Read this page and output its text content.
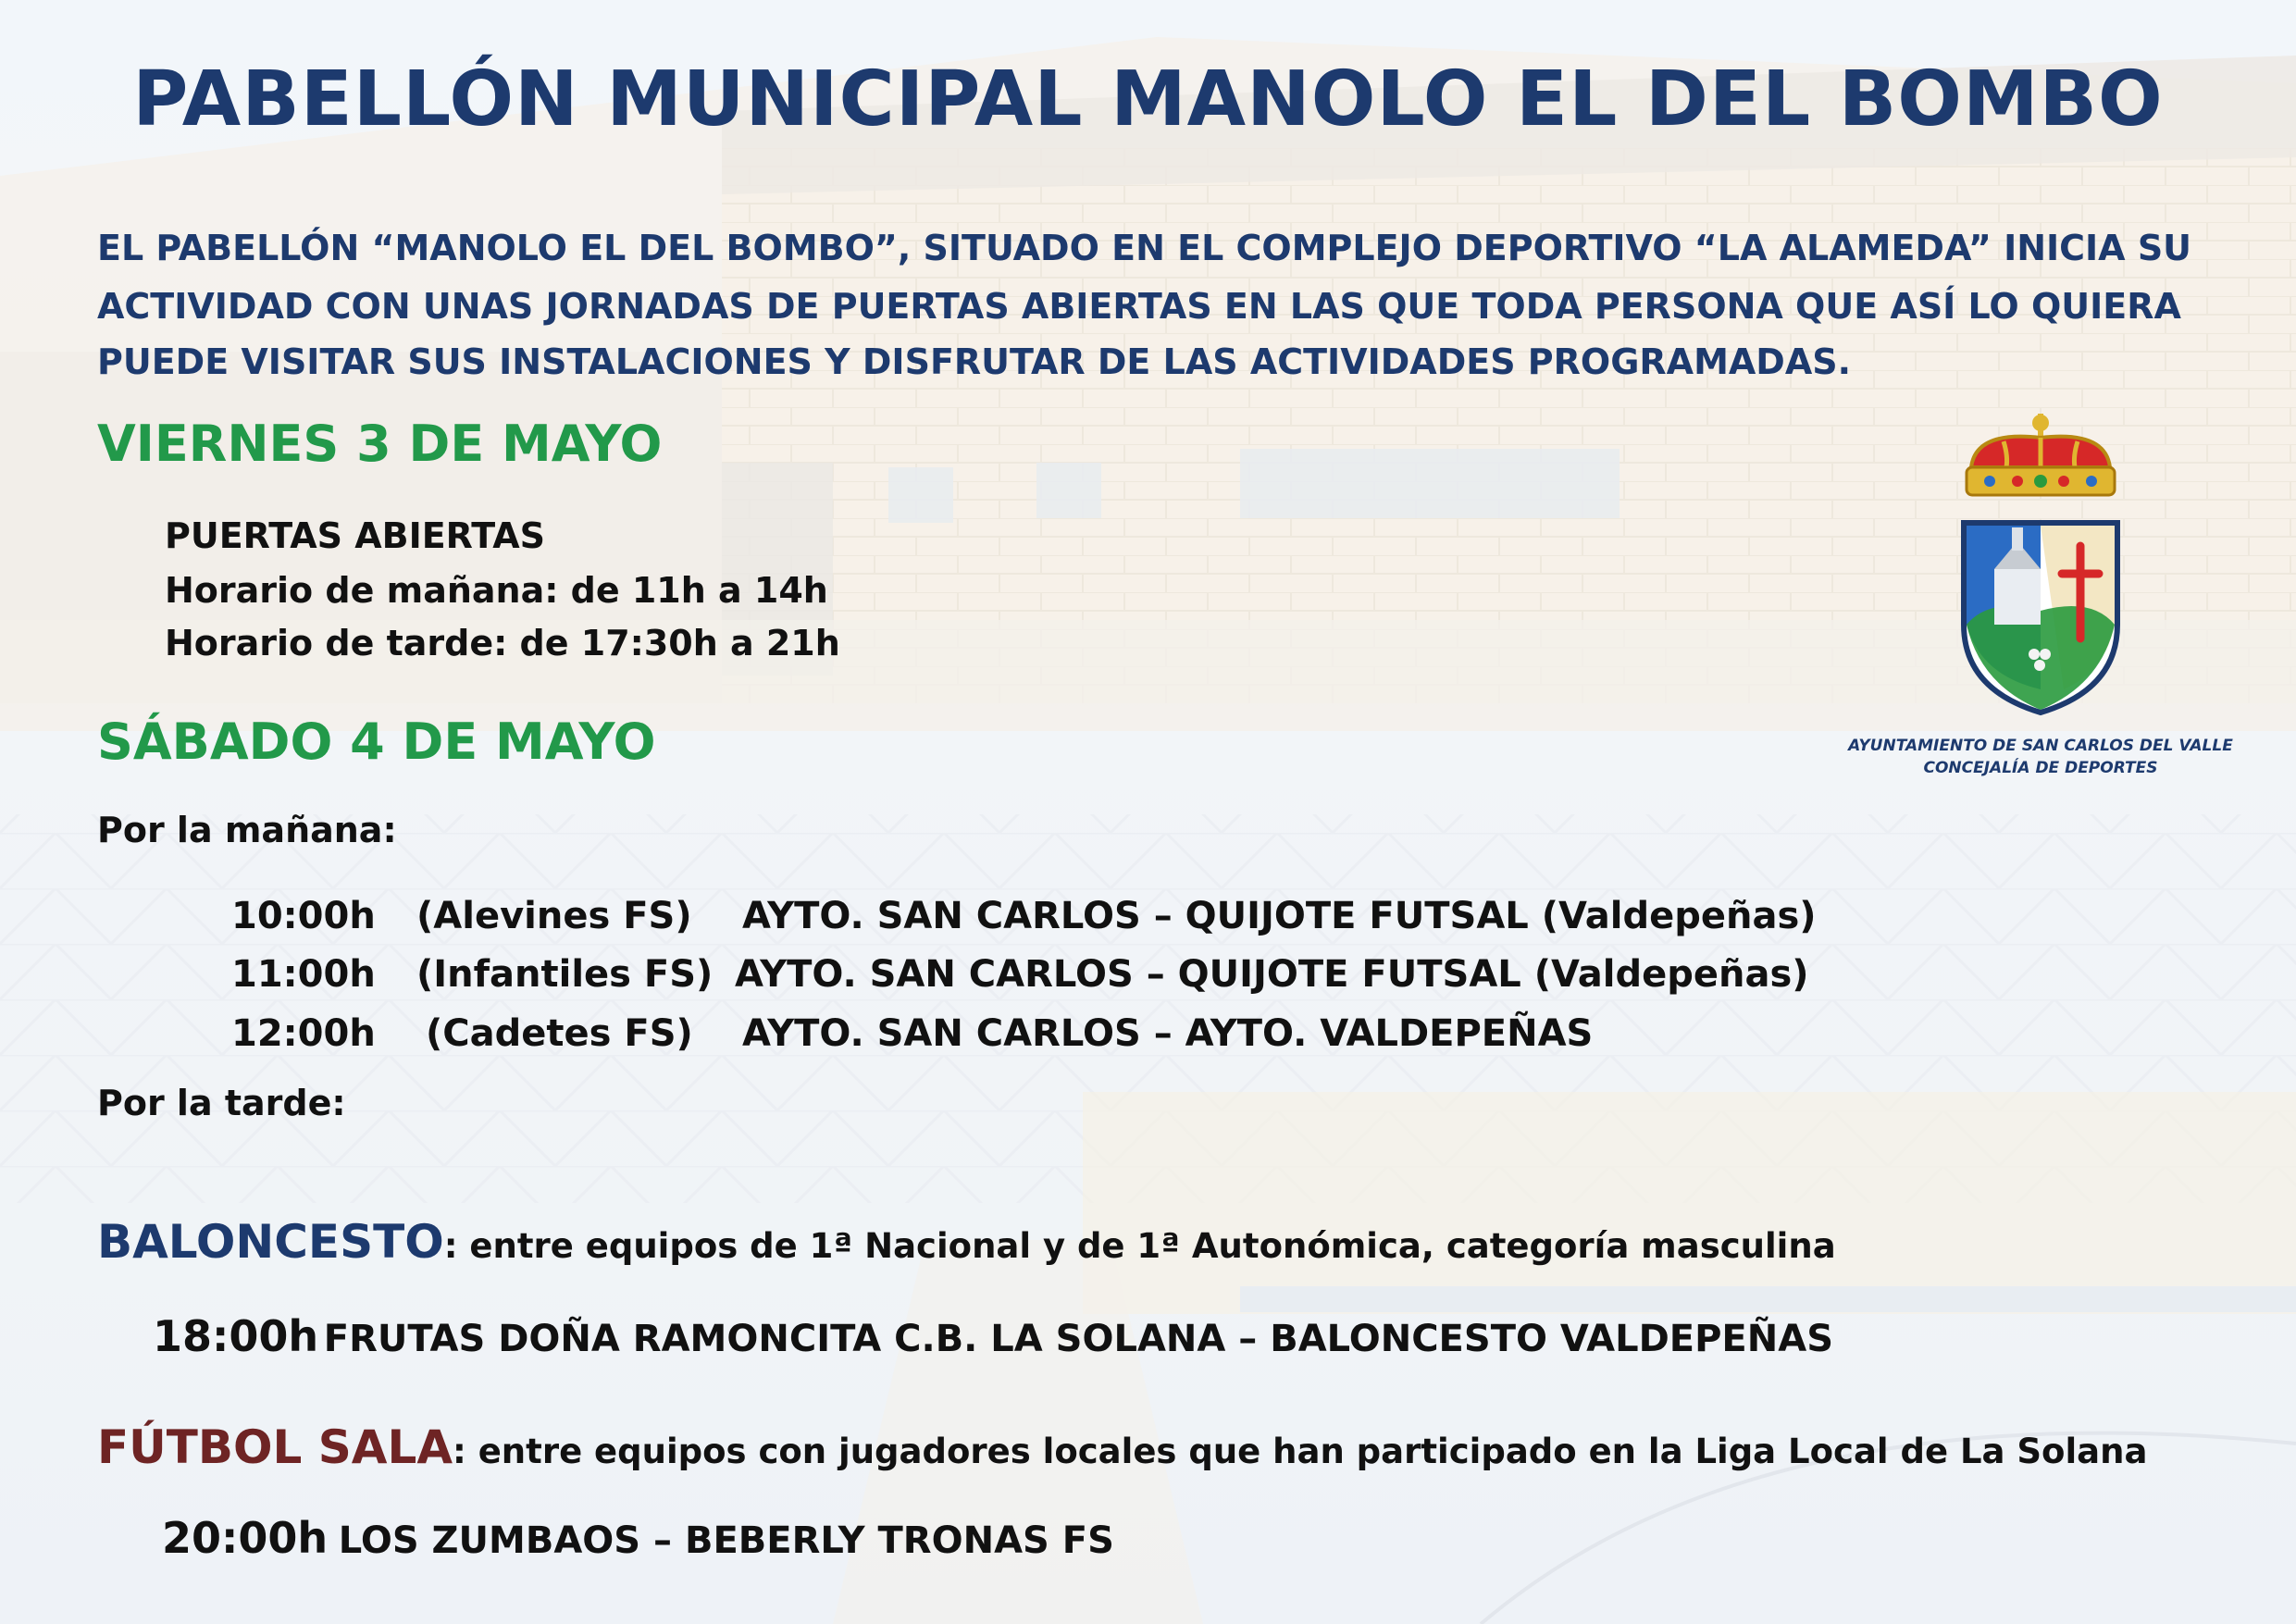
PABELLÓN MUNICIPAL MANOLO EL DEL BOMBO
EL PABELLÓN “MANOLO EL DEL BOMBO”, SITUADO EN EL COMPLEJO DEPORTIVO “LA ALAMEDA” INICIA SU
ACTIVIDAD CON UNAS JORNADAS DE PUERTAS ABIERTAS EN LAS QUE TODA PERSONA QUE ASÍ LO QUIERA
PUEDE VISITAR SUS INSTALACIONES Y DISFRUTAR DE LAS ACTIVIDADES PROGRAMADAS.
VIERNES 3 DE MAYO
PUERTAS ABIERTAS
Horario de mañana: de 11h a 14h
Horario de tarde: de 17:30h a 21h
SÁBADO 4 DE MAYO
Por la mañana:
10:00h (Alevines FS) AYTO. SAN CARLOS – QUIJOTE FUTSAL (Valdepeñas)
11:00h (Infantiles FS) AYTO. SAN CARLOS – QUIJOTE FUTSAL (Valdepeñas)
12:00h (Cadetes FS) AYTO. SAN CARLOS – AYTO. VALDEPEÑAS
Por la tarde:
BALONCESTO: entre equipos de 1ª Nacional y de 1ª Autonómica, categoría masculina
18:00h FRUTAS DOÑA RAMONCITA C.B. LA SOLANA – BALONCESTO VALDEPEÑAS
FÚTBOL SALA: entre equipos con jugadores locales que han participado en la Liga Local de La Solana
20:00h LOS ZUMBAOS – BEBERLY TRONAS FS
AYUNTAMIENTO DE SAN CARLOS DEL VALLE
CONCEJALÍA DE DEPORTES
